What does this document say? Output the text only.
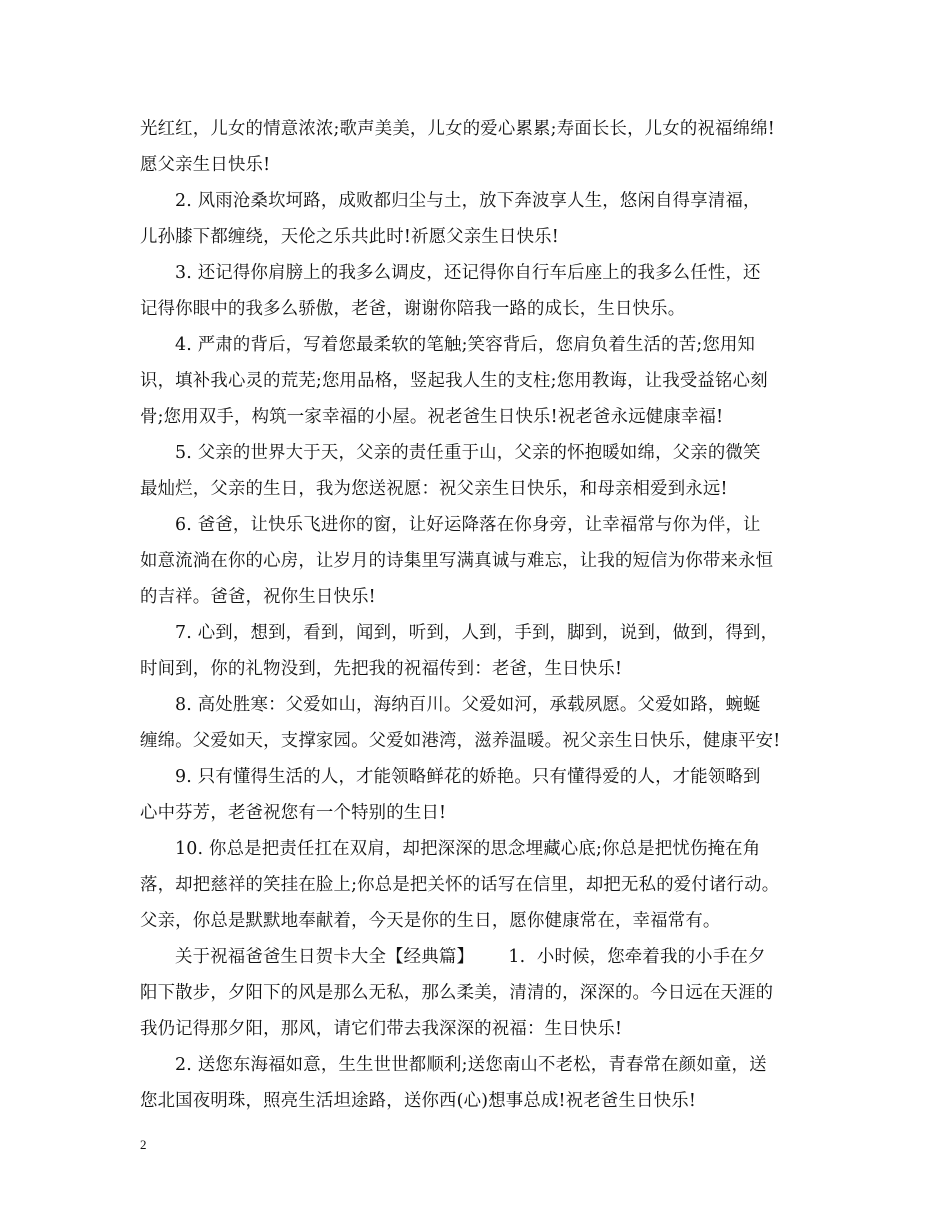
光红红，儿女的情意浓浓;歌声美美，儿女的爱心累累;寿面长长，儿女的祝福绵绵!
愿父亲生日快乐!
2. 风雨沧桑坎坷路，成败都归尘与土，放下奔波享人生，悠闲自得享清福，
儿孙膝下都缠绕，天伦之乐共此时!祈愿父亲生日快乐!
3. 还记得你肩膀上的我多么调皮，还记得你自行车后座上的我多么任性，还
记得你眼中的我多么骄傲，老爸，谢谢你陪我一路的成长，生日快乐。
4. 严肃的背后，写着您最柔软的笔触;笑容背后，您肩负着生活的苦;您用知
识，填补我心灵的荒芜;您用品格，竖起我人生的支柱;您用教诲，让我受益铭心刻
骨;您用双手，构筑一家幸福的小屋。祝老爸生日快乐!祝老爸永远健康幸福!
5. 父亲的世界大于天，父亲的责任重于山，父亲的怀抱暖如绵，父亲的微笑
最灿烂，父亲的生日，我为您送祝愿：祝父亲生日快乐，和母亲相爱到永远!
6. 爸爸，让快乐飞进你的窗，让好运降落在你身旁，让幸福常与你为伴，让
如意流淌在你的心房，让岁月的诗集里写满真诚与难忘，让我的短信为你带来永恒
的吉祥。爸爸，祝你生日快乐!
7. 心到，想到，看到，闻到，听到，人到，手到，脚到，说到，做到，得到，
时间到，你的礼物没到，先把我的祝福传到：老爸，生日快乐!
8. 高处胜寒：父爱如山，海纳百川。父爱如河，承载夙愿。父爱如路，蜿蜒
缠绵。父爱如天，支撑家园。父爱如港湾，滋养温暖。祝父亲生日快乐，健康平安!
9. 只有懂得生活的人，才能领略鲜花的娇艳。只有懂得爱的人，才能领略到
心中芬芳，老爸祝您有一个特别的生日!
10. 你总是把责任扛在双肩，却把深深的思念埋藏心底;你总是把忧伤掩在角
落，却把慈祥的笑挂在脸上;你总是把关怀的话写在信里，却把无私的爱付诸行动。
父亲，你总是默默地奉献着，今天是你的生日，愿你健康常在，幸福常有。
关于祝福爸爸生日贺卡大全【经典篇】      1.  小时候，您牵着我的小手在夕
阳下散步，夕阳下的风是那么无私，那么柔美，清清的，深深的。今日远在天涯的
我仍记得那夕阳，那风，请它们带去我深深的祝福：生日快乐!
2. 送您东海福如意，生生世世都顺利;送您南山不老松，青春常在颜如童，送
您北国夜明珠，照亮生活坦途路，送你西(心)想事总成!祝老爸生日快乐!
2
